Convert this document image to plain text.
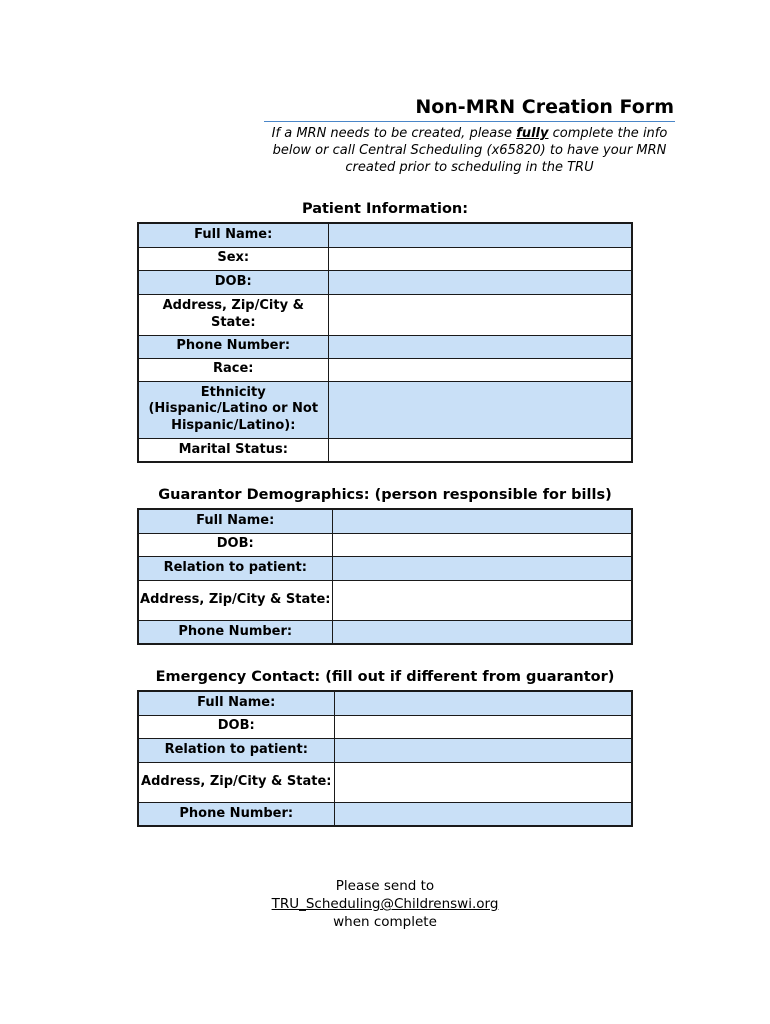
Non-MRN Creation Form
If a MRN needs to be created, please fully complete the info below or call Central Scheduling (x65820) to have your MRN created prior to scheduling in the TRU
Patient Information:
Full Name:	
Sex:	
DOB:	
Address, Zip/City & State:	
Phone Number:	
Race:	
Ethnicity (Hispanic/Latino or Not Hispanic/Latino):	
Marital Status:	
Guarantor Demographics: (person responsible for bills)
Full Name:	
DOB:	
Relation to patient:	
Address, Zip/City & State:	
Phone Number:	
Emergency Contact: (fill out if different from guarantor)
Full Name:	
DOB:	
Relation to patient:	
Address, Zip/City & State:	
Phone Number:	
Please send to
TRU_Scheduling@Childrenswi.org
when complete
